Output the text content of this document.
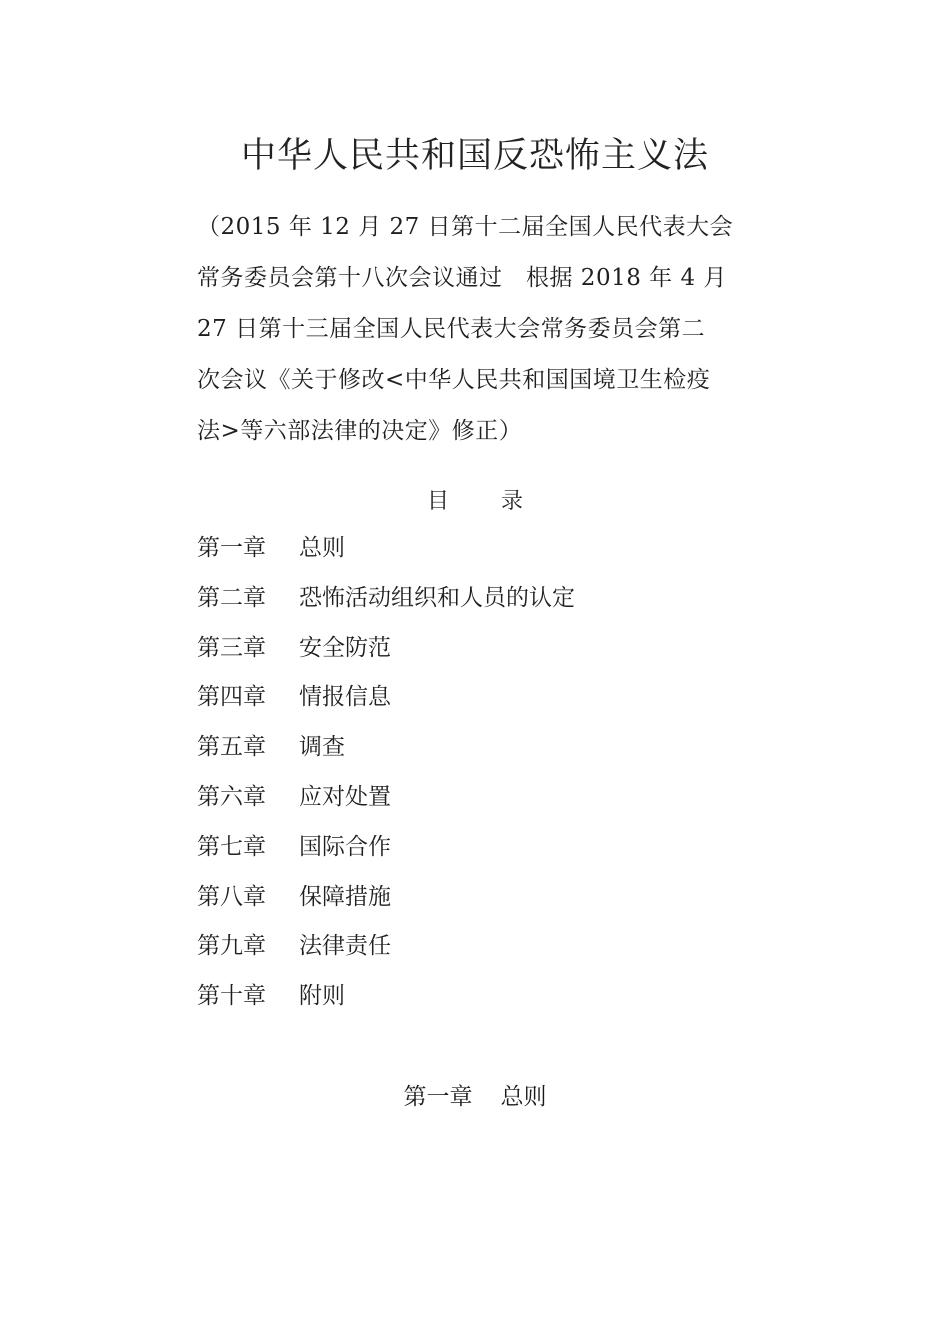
中华人民共和国反恐怖主义法
（2015 年 12 月 27 日第十二届全国人民代表大会
常务委员会第十八次会议通过　根据 2018 年 4 月
27 日第十三届全国人民代表大会常务委员会第二
次会议《关于修改<中华人民共和国国境卫生检疫
法>等六部法律的决定》修正）
目 录
第一章 总则
第二章 恐怖活动组织和人员的认定
第三章 安全防范
第四章 情报信息
第五章 调查
第六章 应对处置
第七章 国际合作
第八章 保障措施
第九章 法律责任
第十章 附则
第一章 总则
